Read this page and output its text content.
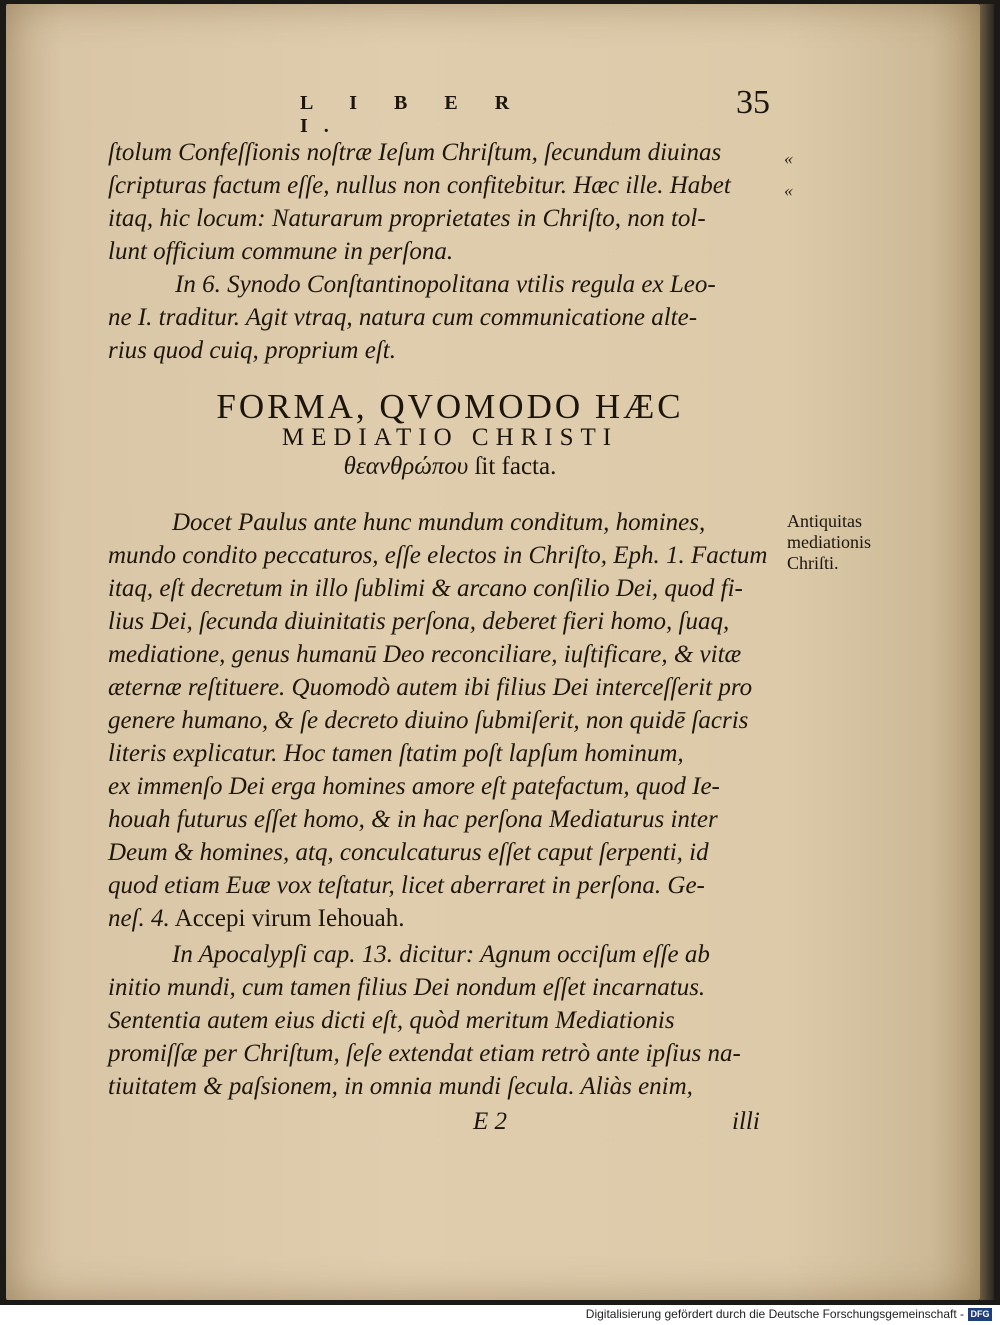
L I B E R I.
35
ſtolum Confeſſionis noſtræ Ieſum Chriſtum, ſecundum diuinas
ſcripturas factum eſſe, nullus non confitebitur. Hæc ille. Habet
itaq, hic locum: Naturarum proprietates in Chriſto, non tol-
lunt officium commune in perſona.
In 6. Synodo Conſtantinopolitana vtilis regula ex Leo-
ne I. traditur. Agit vtraq, natura cum communicatione alte-
rius quod cuiq, proprium eſt.
«
«
FORMA, QVOMODO HÆC
MEDIATIO CHRISTI
θεανθρώπου ſit facta.
Antiquitas
mediationis
Chriſti.
Docet Paulus ante hunc mundum conditum, homines,
mundo condito peccaturos, eſſe electos in Chriſto, Eph. 1. Factum
itaq, eſt decretum in illo ſublimi & arcano conſilio Dei, quod fi-
lius Dei, ſecunda diuinitatis perſona, deberet fieri homo, ſuaq,
mediatione, genus humanū Deo reconciliare, iuſtificare, & vitæ
æternæ reſtituere. Quomodò autem ibi filius Dei interceſſerit pro
genere humano, & ſe decreto diuino ſubmiſerit, non quidē ſacris
literis explicatur. Hoc tamen ſtatim poſt lapſum hominum,
ex immenſo Dei erga homines amore eſt patefactum, quod Ie-
houah futurus eſſet homo, & in hac perſona Mediaturus inter
Deum & homines, atq, conculcaturus eſſet caput ſerpenti, id
quod etiam Euæ vox teſtatur, licet aberraret in perſona. Ge-
neſ. 4. Accepi virum Iehouah.
In Apocalypſi cap. 13. dicitur: Agnum occiſum eſſe ab
initio mundi, cum tamen filius Dei nondum eſſet incarnatus.
Sententia autem eius dicti eſt, quòd meritum Mediationis
promiſſæ per Chriſtum, ſeſe extendat etiam retrò ante ipſius na-
tiuitatem & paſsionem, in omnia mundi ſecula. Aliàs enim,
E 2	illi
Digitalisierung gefördert durch die Deutsche Forschungsgemeinschaft - DFG
